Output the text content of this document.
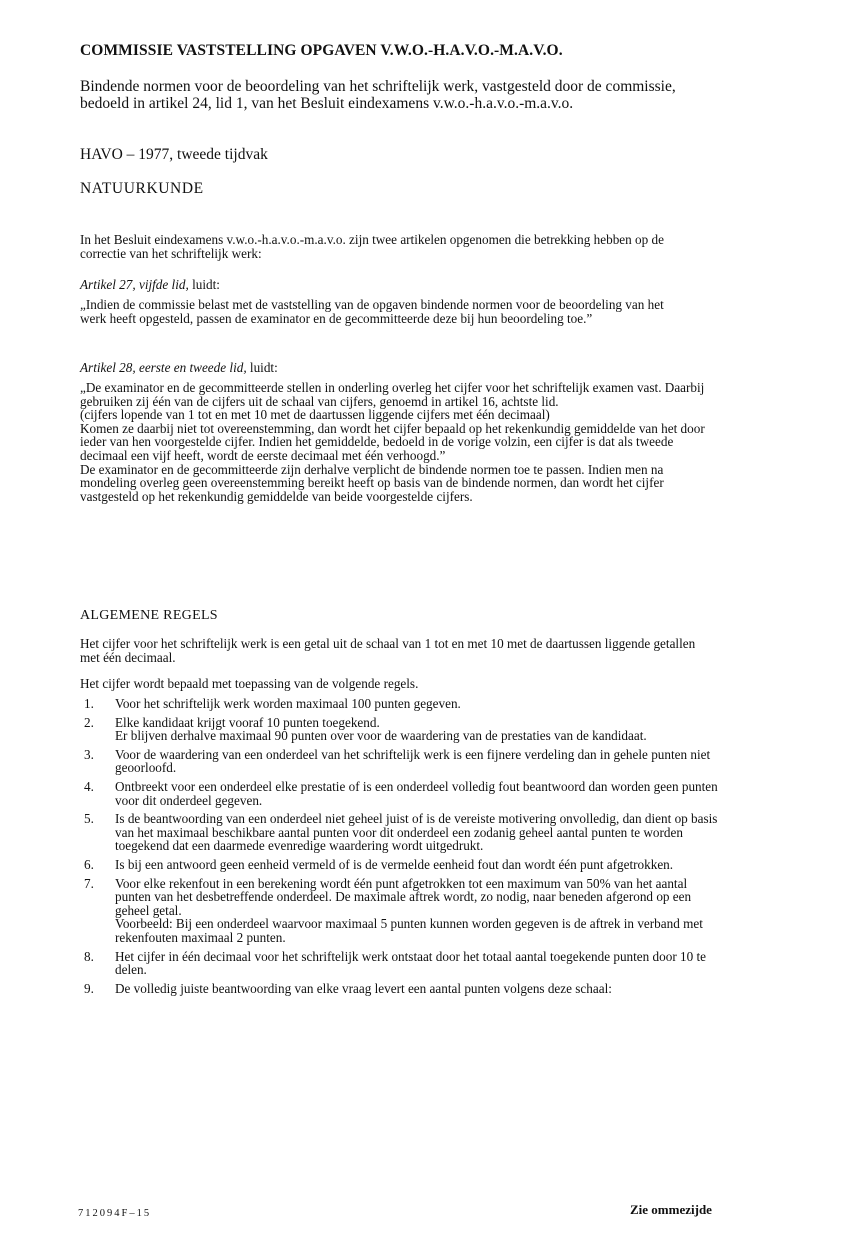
COMMISSIE VASTSTELLING OPGAVEN V.W.O.-H.A.V.O.-M.A.V.O.
Bindende normen voor de beoordeling van het schriftelijk werk, vastgesteld door de commissie, bedoeld in artikel 24, lid 1, van het Besluit eindexamens v.w.o.-h.a.v.o.-m.a.v.o.
HAVO – 1977, tweede tijdvak
NATUURKUNDE
In het Besluit eindexamens v.w.o.-h.a.v.o.-m.a.v.o. zijn twee artikelen opgenomen die betrekking hebben op de correctie van het schriftelijk werk:
Artikel 27, vijfde lid, luidt:
„Indien de commissie belast met de vaststelling van de opgaven bindende normen voor de beoordeling van het werk heeft opgesteld, passen de examinator en de gecommitteerde deze bij hun beoordeling toe.”
Artikel 28, eerste en tweede lid, luidt:

„De examinator en de gecommitteerde stellen in onderling overleg het cijfer voor het schriftelijk examen vast. Daarbij gebruiken zij één van de cijfers uit de schaal van cijfers, genoemd in artikel 16, achtste lid.

(cijfers lopende van 1 tot en met 10 met de daartussen liggende cijfers met één decimaal)

Komen ze daarbij niet tot overeenstemming, dan wordt het cijfer bepaald op het rekenkundig gemiddelde van het door ieder van hen voorgestelde cijfer. Indien het gemiddelde, bedoeld in de vorige volzin, een cijfer is dat als tweede decimaal een vijf heeft, wordt de eerste decimaal met één verhoogd.”

De examinator en de gecommitteerde zijn derhalve verplicht de bindende normen toe te passen. Indien men na mondeling overleg geen overeenstemming bereikt heeft op basis van de bindende normen, dan wordt het cijfer vastgesteld op het rekenkundig gemiddelde van beide voorgestelde cijfers.

ALGEMENE REGELS
Het cijfer voor het schriftelijk werk is een getal uit de schaal van 1 tot en met 10 met de daartussen liggende getallen met één decimaal.
Het cijfer wordt bepaald met toepassing van de volgende regels.
1. Voor het schriftelijk werk worden maximaal 100 punten gegeven.
2. Elke kandidaat krijgt vooraf 10 punten toegekend.
Er blijven derhalve maximaal 90 punten over voor de waardering van de prestaties van de kandidaat.
3. Voor de waardering van een onderdeel van het schriftelijk werk is een fijnere verdeling dan in gehele punten niet geoorloofd.
4. Ontbreekt voor een onderdeel elke prestatie of is een onderdeel volledig fout beantwoord dan worden geen punten voor dit onderdeel gegeven.
5. Is de beantwoording van een onderdeel niet geheel juist of is de vereiste motivering onvolledig, dan dient op basis van het maximaal beschikbare aantal punten voor dit onderdeel een zodanig geheel aantal punten te worden toegekend dat een daarmede evenredige waardering wordt uitgedrukt.
6. Is bij een antwoord geen eenheid vermeld of is de vermelde eenheid fout dan wordt één punt afgetrokken.
7. Voor elke rekenfout in een berekening wordt één punt afgetrokken tot een maximum van 50% van het aantal punten van het desbetreffende onderdeel. De maximale aftrek wordt, zo nodig, naar beneden afgerond op een geheel getal.
Voorbeeld: Bij een onderdeel waarvoor maximaal 5 punten kunnen worden gegeven is de aftrek in verband met rekenfouten maximaal 2 punten.
8. Het cijfer in één decimaal voor het schriftelijk werk ontstaat door het totaal aantal toegekende punten door 10 te delen.
9. De volledig juiste beantwoording van elke vraag levert een aantal punten volgens deze schaal:
712094F–15	Zie ommezijde
